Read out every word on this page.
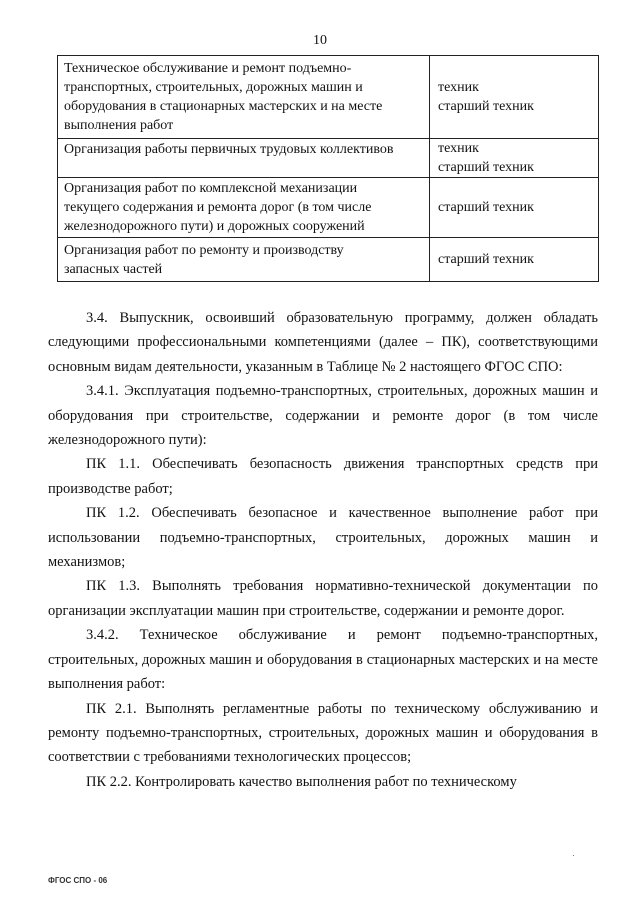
10
Техническое обслуживание и ремонт подъемно-
транспортных, строительных, дорожных машин и
оборудования в стационарных мастерских и на месте
выполнения работ	техник
старший техник

Организация работы первичных трудовых коллективов	техник
старший техник

Организация работ по комплексной механизации
текущего содержания и ремонта дорог (в том числе
железнодорожного пути) и дорожных сооружений	старший техник

Организация работ по ремонту и производству
запасных частей	старший техник

3.4. Выпускник, освоивший образовательную программу, должен обладать следующими профессиональными компетенциями (далее – ПК), соответствующими основным видам деятельности, указанным в Таблице № 2 настоящего ФГОС СПО:

3.4.1. Эксплуатация подъемно-транспортных, строительных, дорожных машин и оборудования при строительстве, содержании и ремонте дорог (в том числе железнодорожного пути):

ПК 1.1. Обеспечивать безопасность движения транспортных средств при производстве работ;

ПК 1.2. Обеспечивать безопасное и качественное выполнение работ при использовании подъемно-транспортных, строительных, дорожных машин и механизмов;

ПК 1.3. Выполнять требования нормативно-технической документации по организации эксплуатации машин при строительстве, содержании и ремонте дорог.

3.4.2. Техническое обслуживание и ремонт подъемно-транспортных, строительных, дорожных машин и оборудования в стационарных мастерских и на месте выполнения работ:

ПК 2.1. Выполнять регламентные работы по техническому обслуживанию и ремонту подъемно-транспортных, строительных, дорожных машин и оборудования в соответствии с требованиями технологических процессов;

ПК 2.2. Контролировать качество выполнения работ по техническому

ФГОС СПО - 06
